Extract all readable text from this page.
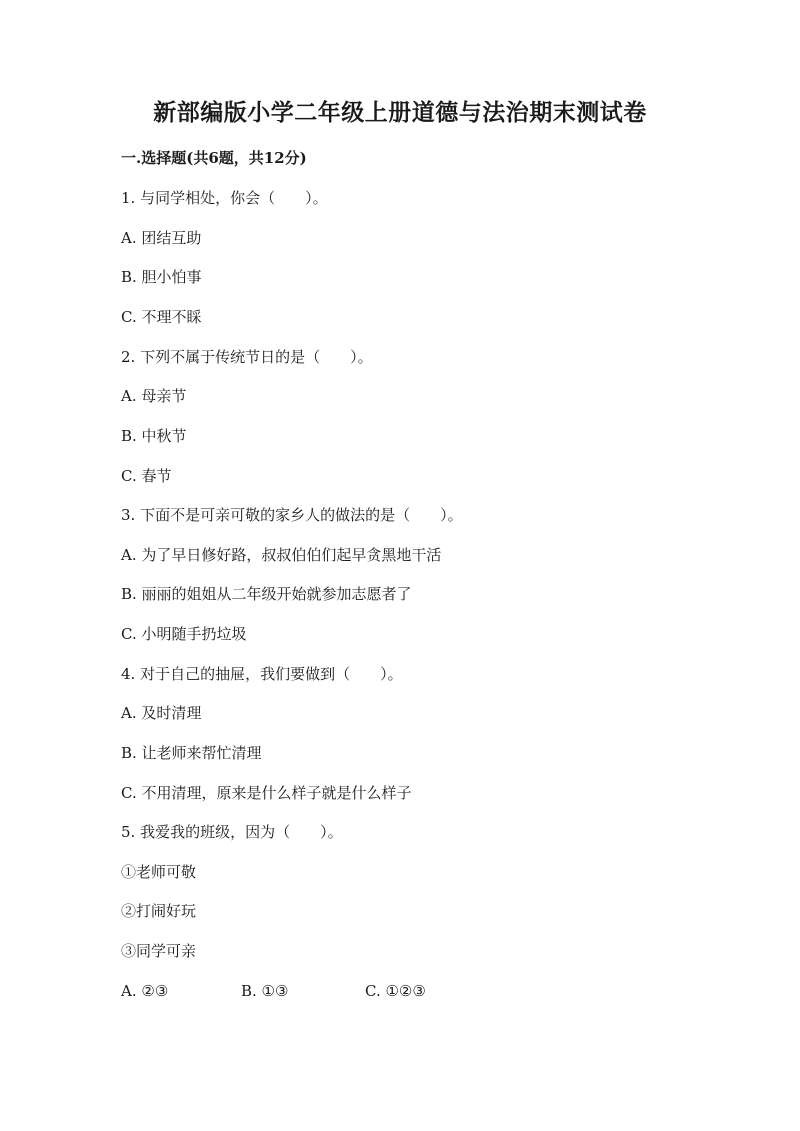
新部编版小学二年级上册道德与法治期末测试卷
一.选择题(共6题，共12分)
1. 与同学相处，你会（　　）。
A. 团结互助
B. 胆小怕事
C. 不理不睬
2. 下列不属于传统节日的是（　　）。
A. 母亲节
B. 中秋节
C. 春节
3. 下面不是可亲可敬的家乡人的做法的是（　　）。
A. 为了早日修好路，叔叔伯伯们起早贪黑地干活
B. 丽丽的姐姐从二年级开始就参加志愿者了
C. 小明随手扔垃圾
4. 对于自己的抽屉，我们要做到（　　）。
A. 及时清理
B. 让老师来帮忙清理
C. 不用清理，原来是什么样子就是什么样子
5. 我爱我的班级，因为（　　）。
①老师可敬
②打闹好玩
③同学可亲
A. ②③	B. ①③	C. ①②③
